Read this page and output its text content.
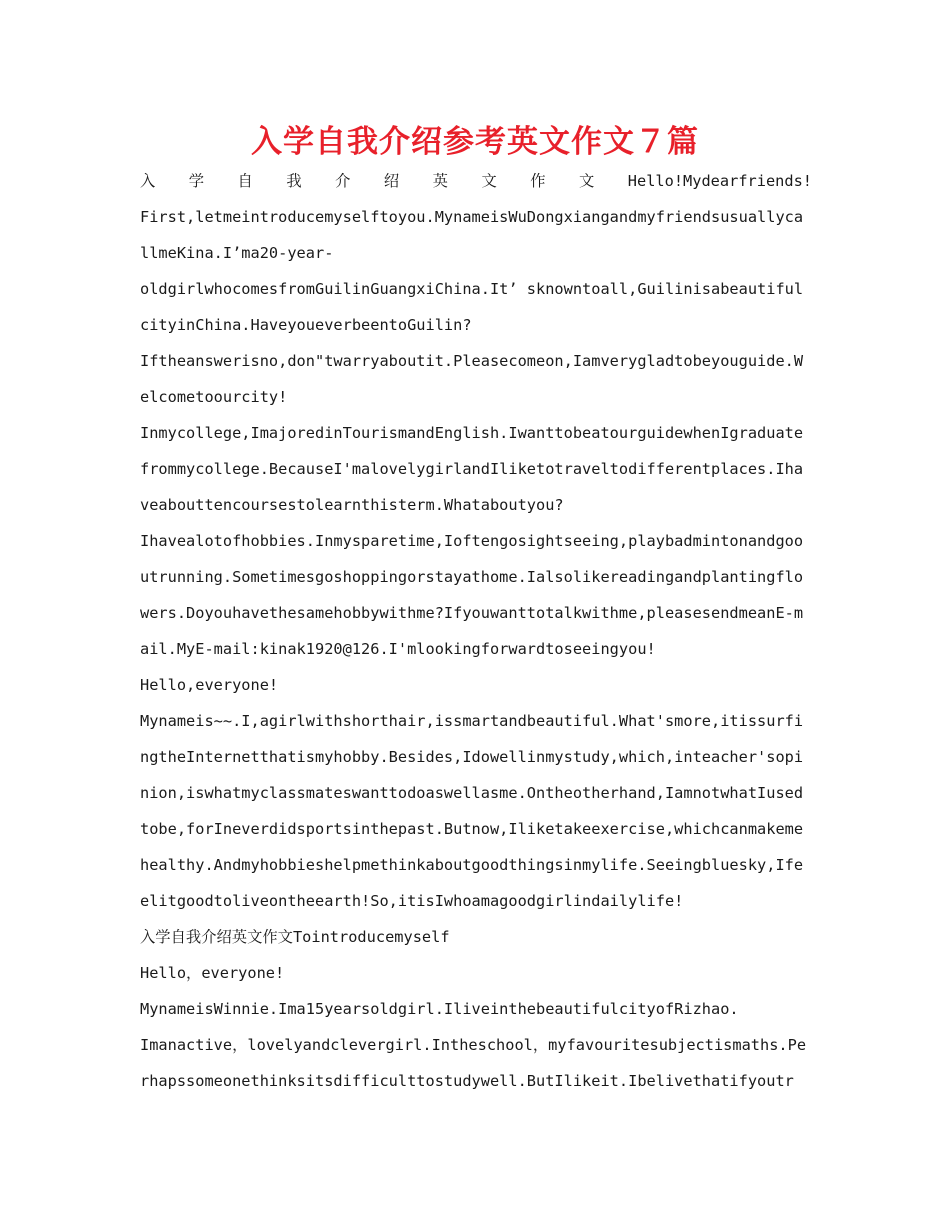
入学自我介绍参考英文作文７篇

入 学 自 我 介 绍 英 文 作 文 Hello!Mydearfriends!

First,letmeintroducemyselftoyou.MynameisWuDongxiangandmyfriendsusuallycallmeKina.I’ma20-year-

oldgirlwhocomesfromGuilinGuangxiChina.It’ sknowntoall,GuilinisabeautifulcityinChina.HaveyoueverbeentoGuilin?

Iftheanswerisno,don"twarryaboutit.Pleasecomeon,Iamverygladtobeyouguide.Welcometoourcity!

Inmycollege,ImajoredinTourismandEnglish.IwanttobeatourguidewhenIgraduatefrommycollege.BecauseI'malovelygirlandIliketotraveltodifferentplaces.Ihaveabouttencoursestolearnthisterm.Whataboutyou?

Ihavealotofhobbies.Inmysparetime,Ioftengosightseeing,playbadmintonandgooutrunning.Sometimesgoshoppingorstayathome.Ialsolikereadingandplantingflowers.Doyouhavethesamehobbywithme?Ifyouwanttotalkwithme,pleasesendmeanE-mail.MyE-mail:kinak1920@126.I'mlookingforwardtoseeingyou!

Hello,everyone!

Mynameis~~.I,agirlwithshorthair,issmartandbeautiful.What'smore,itissurfingtheInternetthatismyhobby.Besides,Idowellinmystudy,which,inteacher'sopinion,iswhatmyclassmateswanttodoaswellasme.Ontheotherhand,IamnotwhatIusedtobe,forIneverdidsportsinthepast.Butnow,Iliketakeexercise,whichcanmakemehealthy.Andmyhobbieshelpmethinkaboutgoodthingsinmylife.Seeingbluesky,Ifeelitgoodtoliveontheearth!So,itisIwhoamagoodgirlindailylife!

入学自我介绍英文作文Tointroducemyself

Hello，everyone!

MynameisWinnie.Ima15yearsoldgirl.IliveinthebeautifulcityofRizhao.

Imanactive，lovelyandclevergirl.Intheschool，myfavouritesubjectismaths.Perhapssomeonethinksitsdifficulttostudywell.ButIlikeit.Ibelivethatifyoutr
